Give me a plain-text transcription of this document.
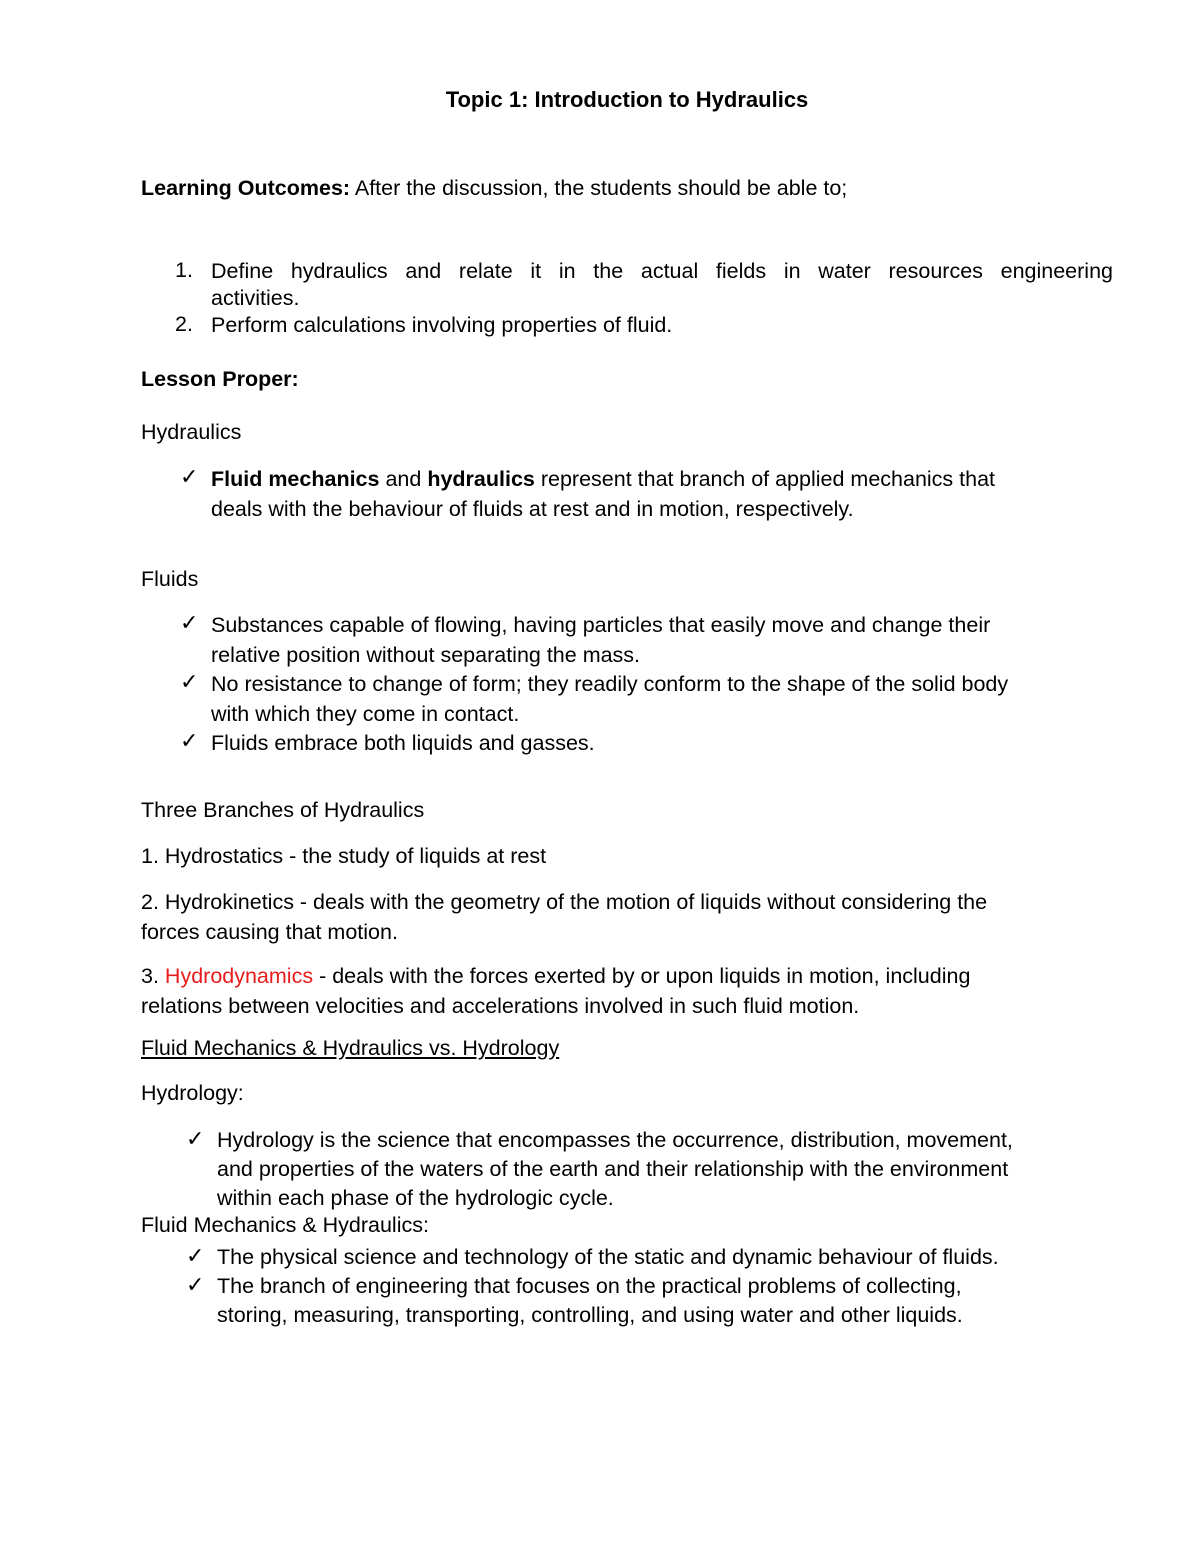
Topic 1: Introduction to Hydraulics
Learning Outcomes: After the discussion, the students should be able to;
1. Define hydraulics and relate it in the actual fields in water resources engineering
activities.
2. Perform calculations involving properties of fluid.
Lesson Proper:
Hydraulics
✓ Fluid mechanics and hydraulics represent that branch of applied mechanics that
deals with the behaviour of fluids at rest and in motion, respectively.
Fluids
✓ Substances capable of flowing, having particles that easily move and change their
relative position without separating the mass.
✓ No resistance to change of form; they readily conform to the shape of the solid body
with which they come in contact.
✓ Fluids embrace both liquids and gasses.
Three Branches of Hydraulics
1. Hydrostatics - the study of liquids at rest
2. Hydrokinetics - deals with the geometry of the motion of liquids without considering the
forces causing that motion.
3. Hydrodynamics - deals with the forces exerted by or upon liquids in motion, including
relations between velocities and accelerations involved in such fluid motion.
Fluid Mechanics & Hydraulics vs. Hydrology
Hydrology:
✓ Hydrology is the science that encompasses the occurrence, distribution, movement,
and properties of the waters of the earth and their relationship with the environment
within each phase of the hydrologic cycle.
Fluid Mechanics & Hydraulics:
✓ The physical science and technology of the static and dynamic behaviour of fluids.
✓ The branch of engineering that focuses on the practical problems of collecting,
storing, measuring, transporting, controlling, and using water and other liquids.
